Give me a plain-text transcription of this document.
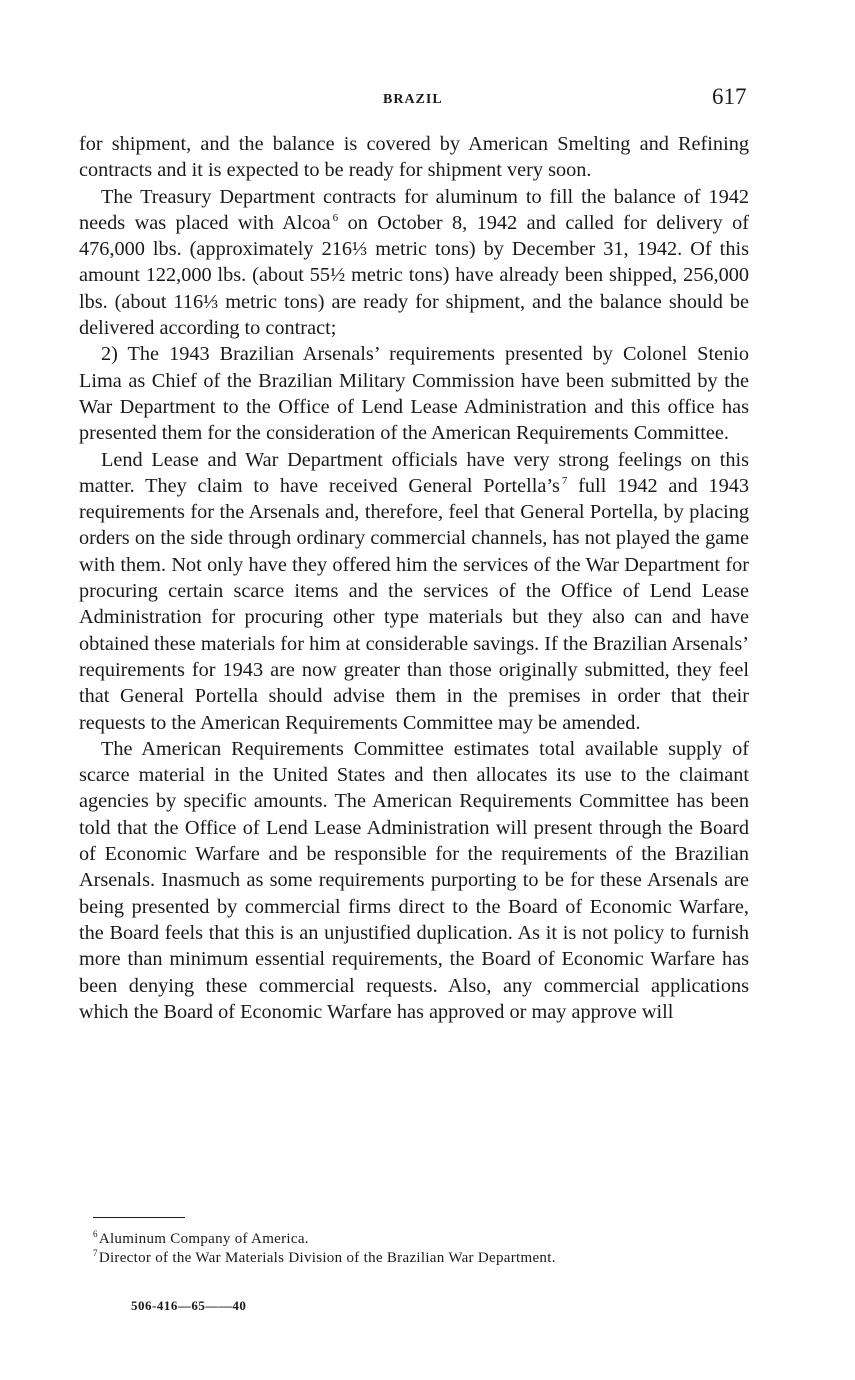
BRAZIL	617

for shipment, and the balance is covered by American Smelting and Refining contracts and it is expected to be ready for shipment very soon.

The Treasury Department contracts for aluminum to fill the balance of 1942 needs was placed with Alcoa $^6$ on October 8, 1942 and called for delivery of 476,000 lbs. (approximately 216⅓ metric tons) by December 31, 1942. Of this amount 122,000 lbs. (about 55½ metric tons) have already been shipped, 256,000 lbs. (about 116⅓ metric tons) are ready for shipment, and the balance should be delivered according to contract;

2) The 1943 Brazilian Arsenals’ requirements presented by Colonel Stenio Lima as Chief of the Brazilian Military Commission have been submitted by the War Department to the Office of Lend Lease Administration and this office has presented them for the consideration of the American Requirements Committee.

Lend Lease and War Department officials have very strong feelings on this matter. They claim to have received General Portella’s $^7$ full 1942 and 1943 requirements for the Arsenals and, therefore, feel that General Portella, by placing orders on the side through ordinary commercial channels, has not played the game with them. Not only have they offered him the services of the War Department for procuring certain scarce items and the services of the Office of Lend Lease Administration for procuring other type materials but they also can and have obtained these materials for him at considerable savings. If the Brazilian Arsenals’ requirements for 1943 are now greater than those originally submitted, they feel that General Portella should advise them in the premises in order that their requests to the American Requirements Committee may be amended.

The American Requirements Committee estimates total available supply of scarce material in the United States and then allocates its use to the claimant agencies by specific amounts. The American Requirements Committee has been told that the Office of Lend Lease Administration will present through the Board of Economic Warfare and be responsible for the requirements of the Brazilian Arsenals. Inasmuch as some requirements purporting to be for these Arsenals are being presented by commercial firms direct to the Board of Economic Warfare, the Board feels that this is an unjustified duplication. As it is not policy to furnish more than minimum essential requirements, the Board of Economic Warfare has been denying these commercial requests. Also, any commercial applications which the Board of Economic Warfare has approved or may approve will

$^6$Aluminum Company of America.
$^7$Director of the War Materials Division of the Brazilian War Department.
506-416—65——40
